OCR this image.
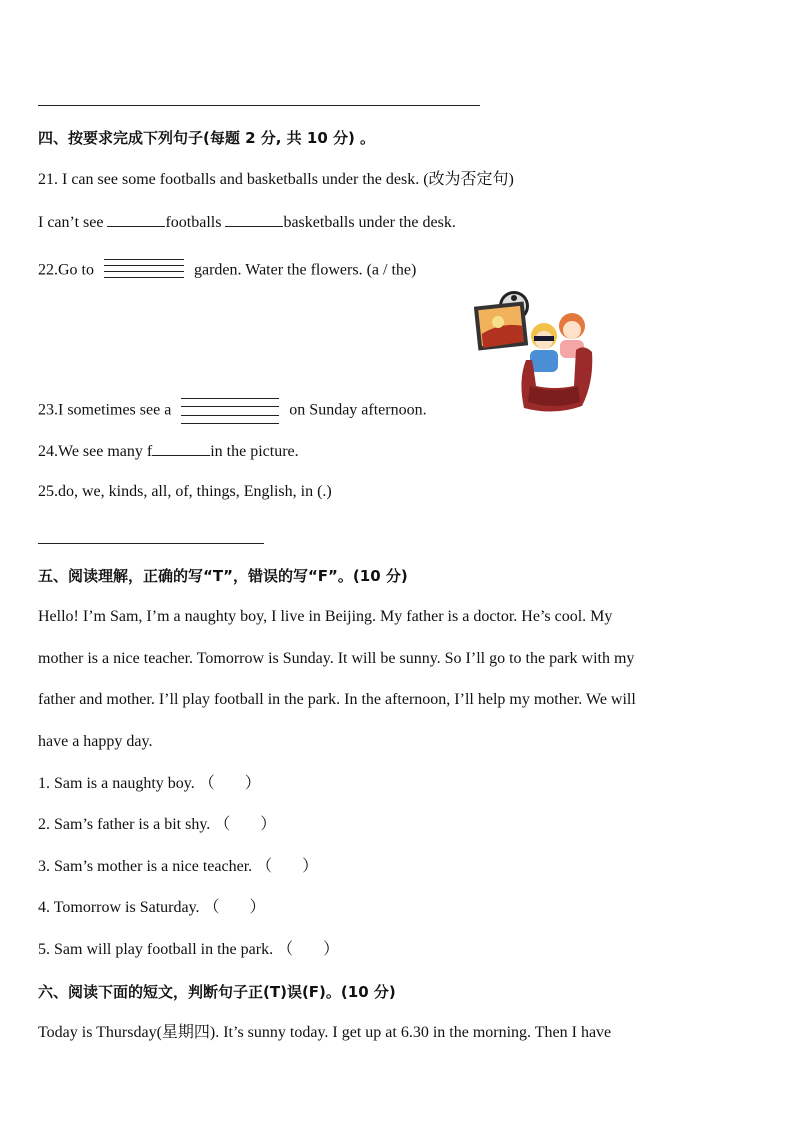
四、按要求完成下列句子(每题 2 分, 共 10 分) 。
21. I can see some footballs and basketballs under the desk. (改为否定句)
I can’t see	footballs	basketballs under the desk.
22.Go to	garden. Water the flowers. (a / the)
23.I sometimes see a	on Sunday afternoon.
24.We see many f	in the picture.
25.do, we, kinds, all, of, things, English, in (.)
五、阅读理解，正确的写“T”，错误的写“F”。(10 分)
Hello! I’m Sam, I’m a naughty boy, I live in Beijing. My father is a doctor. He’s cool. My
mother is a nice teacher. Tomorrow is Sunday. It will be sunny. So I’ll go to the park with my
father and mother. I’ll play football in the park. In the afternoon, I’ll help my mother. We will
have a happy day.
1. Sam is a naughty boy. （ ）
2. Sam’s father is a bit shy. （ ）
3. Sam’s mother is a nice teacher. （ ）
4. Tomorrow is Saturday. （ ）
5. Sam will play football in the park. （ ）
六、阅读下面的短文，判断句子正(T)误(F)。(10 分)
Today is Thursday(星期四). It’s sunny today. I get up at 6.30 in the morning. Then I have
